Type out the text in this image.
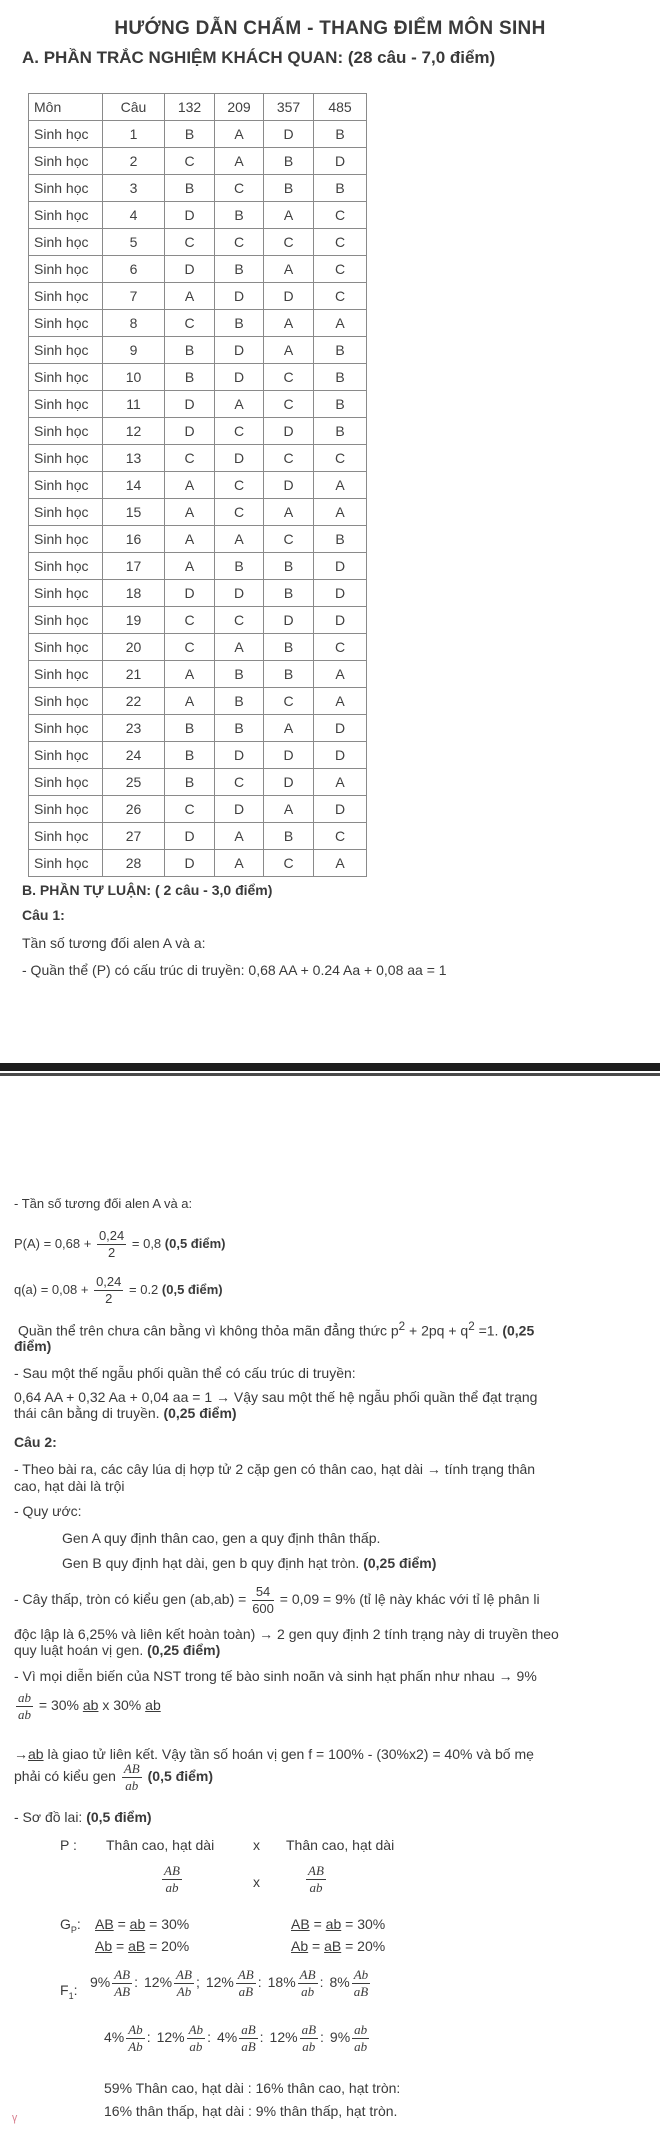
HƯỚNG DẪN CHẤM - THANG ĐIỂM MÔN SINH
A. PHẦN TRẮC NGHIỆM KHÁCH QUAN: (28 câu - 7,0 điểm)
Môn	Câu	132	209	357	485
Sinh học	1	B	A	D	B
Sinh học	2	C	A	B	D
Sinh học	3	B	C	B	B
Sinh học	4	D	B	A	C
Sinh học	5	C	C	C	C
Sinh học	6	D	B	A	C
Sinh học	7	A	D	D	C
Sinh học	8	C	B	A	A
Sinh học	9	B	D	A	B
Sinh học	10	B	D	C	B
Sinh học	11	D	A	C	B
Sinh học	12	D	C	D	B
Sinh học	13	C	D	C	C
Sinh học	14	A	C	D	A
Sinh học	15	A	C	A	A
Sinh học	16	A	A	C	B
Sinh học	17	A	B	B	D
Sinh học	18	D	D	B	D
Sinh học	19	C	C	D	D
Sinh học	20	C	A	B	C
Sinh học	21	A	B	B	A
Sinh học	22	A	B	C	A
Sinh học	23	B	B	A	D
Sinh học	24	B	D	D	D
Sinh học	25	B	C	D	A
Sinh học	26	C	D	A	D
Sinh học	27	D	A	B	C
Sinh học	28	D	A	C	A
B. PHẦN TỰ LUẬN: ( 2 câu - 3,0 điểm)
Câu 1:
Tần số tương đối alen A và a:
- Quần thể (P) có cấu trúc di truyền: 0,68 AA + 0.24 Aa + 0,08 aa = 1
- Tần số tương đối alen A và a:
$P(A) = 0,68 + \frac{0,24}{2} = 0,8$ (0,5 điểm)
$q(a) = 0,08 + \frac{0,24}{2} = 0.2$ (0,5 điểm)
Quần thể trên chưa cân bằng vì không thỏa mãn đẳng thức $p^2 + 2pq + q^2 =1$. (0,25
điểm)
- Sau một thế ngẫu phối quần thể có cấu trúc di truyền:
0,64 AA + 0,32 Aa + 0,04 aa = 1 → Vậy sau một thế hệ ngẫu phối quần thể đạt trạng
thái cân bằng di truyền. (0,25 điểm)
Câu 2:
- Theo bài ra, các cây lúa dị hợp tử 2 cặp gen có thân cao, hạt dài → tính trạng thân
cao, hạt dài là trội
- Quy ước:
Gen A quy định thân cao, gen a quy định thân thấp.
Gen B quy định hạt dài, gen b quy định hạt tròn. (0,25 điểm)
- Cây thấp, tròn có kiểu gen $(ab,ab) = \frac{54}{600} = 0,09 = 9\%$ (tỉ lệ này khác với tỉ lệ phân li
độc lập là 6,25% và liên kết hoàn toàn) → 2 gen quy định 2 tính trạng này di truyền theo
quy luật hoán vị gen. (0,25 điểm)
- Vì mọi diễn biến của NST trong tế bào sinh noãn và sinh hạt phấn như nhau → 9%
$\frac{ab}{ab} = 30\%$ ab x 30% ab
→ab là giao tử liên kết. Vậy tần số hoán vị gen f = 100% - (30%x2) = 40% và bố mẹ
phải có kiểu gen $\frac{AB}{ab} (0,5$ điểm)
- Sơ đồ lai: (0,5 điểm)
P : Thân cao, hạt dài	x Thân cao, hạt dài
$\frac{AB}{ab}$	x	$\frac{AB}{ab}$
$G_P$: AB = ab = 30%
Ab = aB = 20%
AB = ab = 30%
Ab = aB = 20%
$F_1$: $9\% \frac{AB}{AB}$ : $12\% \frac{AB}{Ab}$ ; $12\% \frac{AB}{aB}$ : $18\% \frac{AB}{ab}$ : $8\% \frac{Ab}{aB}$
$4\% \frac{Ab}{Ab}$ : $12\% \frac{Ab}{ab}$ : $4\% \frac{aB}{aB}$ : $12\% \frac{aB}{ab}$ : $9\% \frac{ab}{ab}$
59% Thân cao, hạt dài : 16% thân cao, hạt tròn:
16% thân thấp, hạt dài : 9% thân thấp, hạt tròn.
ᵞ
